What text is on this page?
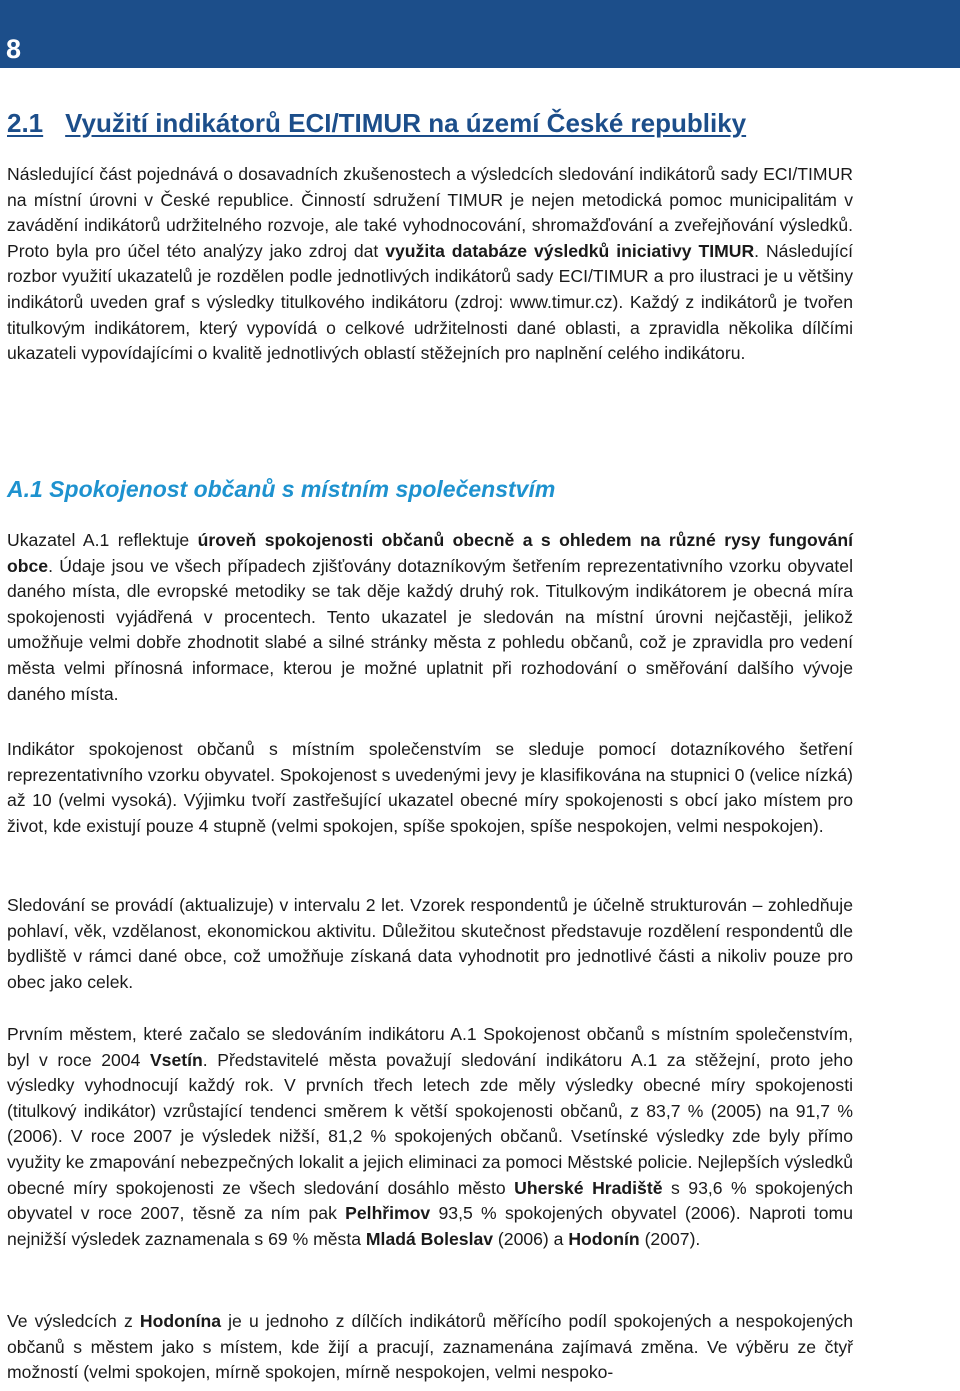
8
2.1 Využití indikátorů ECI/TIMUR na území České republiky

Následující část pojednává o dosavadních zkušenostech a výsledcích sledování indikátorů sady ECI/TIMUR na místní úrovni v České republice. Činností sdružení TIMUR je nejen metodická pomoc municipalitám v zavádění indikátorů udržitelného rozvoje, ale také vyhodnocování, shromažďování a zveřejňování výsledků. Proto byla pro účel této analýzy jako zdroj dat využita databáze výsledků iniciativy TIMUR. Následující rozbor využití ukazatelů je rozdělen podle jednotlivých indikátorů sady ECI/TIMUR a pro ilustraci je u většiny indikátorů uveden graf s výsledky titulkového indikátoru (zdroj: www.timur.cz). Každý z indikátorů je tvořen titulkovým indikátorem, který vypovídá o celkové udržitelnosti dané oblasti, a zpravidla několika dílčími ukazateli vypovídajícími o kvalitě jednotlivých oblastí stěžejních pro naplnění celého indikátoru.

A.1 Spokojenost občanů s místním společenstvím

Ukazatel A.1 reflektuje úroveň spokojenosti občanů obecně a s ohledem na různé rysy fungování obce. Údaje jsou ve všech případech zjišťovány dotazníkovým šetřením reprezentativního vzorku obyvatel daného místa, dle evropské metodiky se tak děje každý druhý rok. Titulkovým indikátorem je obecná míra spokojenosti vyjádřená v procentech. Tento ukazatel je sledován na místní úrovni nejčastěji, jelikož umožňuje velmi dobře zhodnotit slabé a silné stránky města z pohledu občanů, což je zpravidla pro vedení města velmi přínosná informace, kterou je možné uplatnit při rozhodování o směřování dalšího vývoje daného místa.

Indikátor spokojenost občanů s místním společenstvím se sleduje pomocí dotazníkového šetření reprezentativního vzorku obyvatel. Spokojenost s uvedenými jevy je klasifikována na stupnici 0 (velice nízká) až 10 (velmi vysoká). Výjimku tvoří zastřešující ukazatel obecné míry spokojenosti s obcí jako místem pro život, kde existují pouze 4 stupně (velmi spokojen, spíše spokojen, spíše nespokojen, velmi nespokojen).

Sledování se provádí (aktualizuje) v intervalu 2 let. Vzorek respondentů je účelně strukturován – zohledňuje pohlaví, věk, vzdělanost, ekonomickou aktivitu. Důležitou skutečnost představuje rozdělení respondentů dle bydliště v rámci dané obce, což umožňuje získaná data vyhodnotit pro jednotlivé části a nikoliv pouze pro obec jako celek.

Prvním městem, které začalo se sledováním indikátoru A.1 Spokojenost občanů s místním společenstvím, byl v roce 2004 Vsetín. Představitelé města považují sledování indikátoru A.1 za stěžejní, proto jeho výsledky vyhodnocují každý rok. V prvních třech letech zde měly výsledky obecné míry spokojenosti (titulkový indikátor) vzrůstající tendenci směrem k větší spokojenosti občanů, z 83,7 % (2005) na 91,7 % (2006). V roce 2007 je výsledek nižší, 81,2 % spokojených občanů. Vsetínské výsledky zde byly přímo využity ke zmapování nebezpečných lokalit a jejich eliminaci za pomoci Městské policie. Nejlepších výsledků obecné míry spokojenosti ze všech sledování dosáhlo město Uherské Hradiště s 93,6 % spokojených obyvatel v roce 2007, těsně za ním pak Pelhřimov 93,5 % spokojených obyvatel (2006). Naproti tomu nejnižší výsledek zaznamenala s 69 % města Mladá Boleslav (2006) a Hodonín (2007).

Ve výsledcích z Hodonína je u jednoho z dílčích indikátorů měřícího podíl spokojených a nespokojených občanů s městem jako s místem, kde žijí a pracují, zaznamenána zajímavá změna. Ve výběru ze čtyř možností (velmi spokojen, mírně spokojen, mírně nespokojen, velmi nespoko-
